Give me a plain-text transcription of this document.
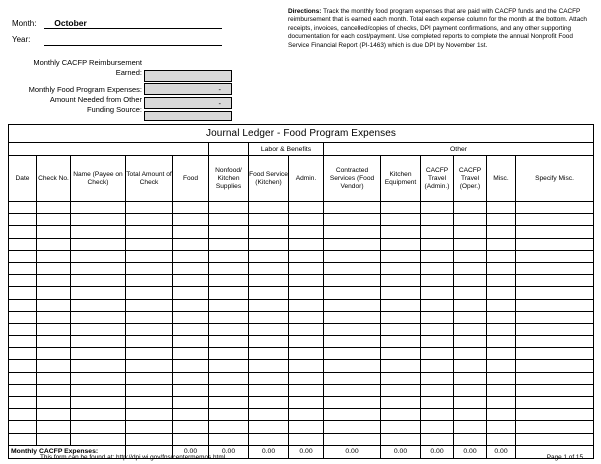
Month: October
Year:
Monthly CACFP Reimbursement Earned:
Monthly Food Program Expenses:	-
Amount Needed from Other	-
Funding Source:
Directions: Track the monthly food program expenses that are paid with CACFP funds and the CACFP reimbursement that is earned each month. Total each expense column for the month at the bottom. Attach receipts, invoices, cancelled/copies of checks, DPI payment confirmations, and any other supporting documentation for each cost/payment. Use completed reports to complete the annual Nonprofit Food Service Financial Report (PI-1463) which is due DPI by November 1st.
Journal Ledger - Food Program Expenses													
						Labor & Benefits		Other					
Date	Check No.	Name (Payee on Check)	Total Amount of Check	Food	Nonfood/ Kitchen Supplies	Food Service (Kitchen)	Admin.	Contracted Services (Food Vendor)	Kitchen Equipment	CACFP Travel (Admin.)	CACFP Travel (Oper.)	Misc.	Specify Misc.

Monthly CACFP Expenses:				0.00	0.00	0.00	0.00	0.00	0.00	0.00	0.00	0.00	
This form can be found at: http://dpi.wi.gov/fns/centermemos.html	Page 1 of 15
